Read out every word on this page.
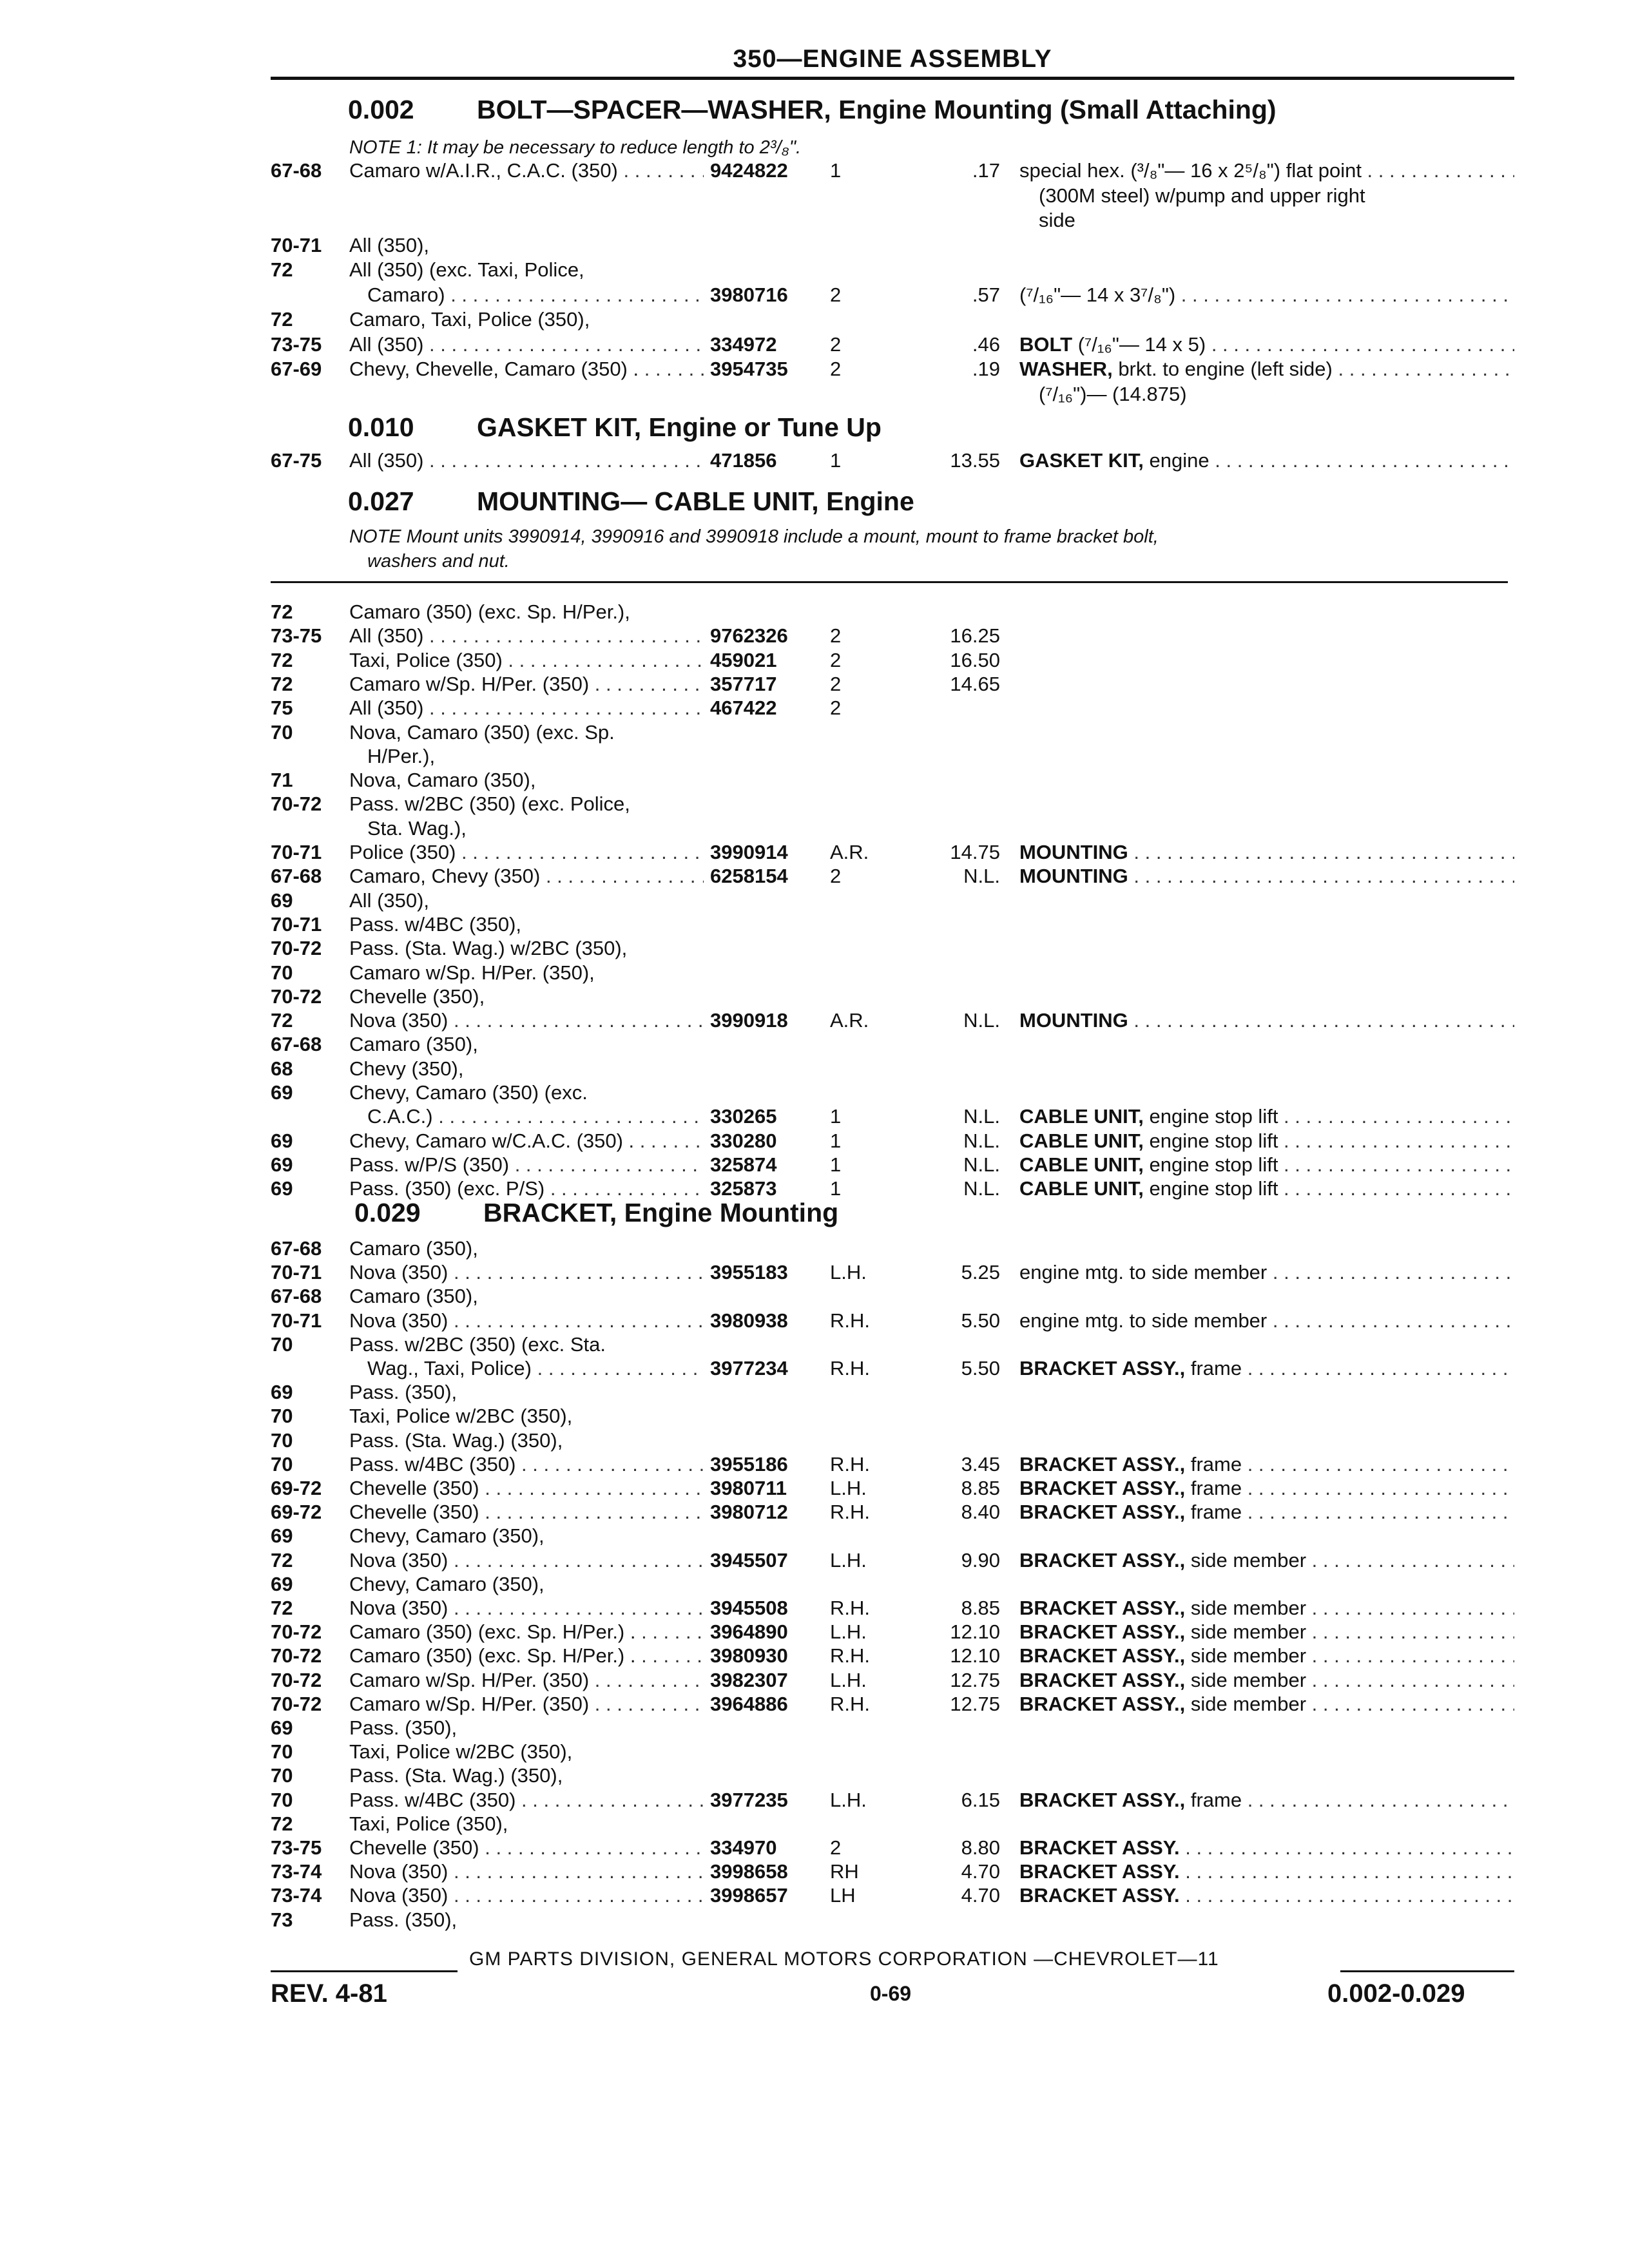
350—ENGINE ASSEMBLY
0.002 BOLT—SPACER—WASHER, Engine Mounting (Small Attaching)
NOTE 1: It may be necessary to reduce length to 2³/₈".
67-68	Camaro w/A.I.R., C.A.C. (350) . . .	9424822 1	.17 special hex. (³/₈"— 16 x 2⁵/₈") flat point . . .
(300M steel) w/pump and upper right
side
70-71	All (350),
72	All (350) (exc. Taxi, Police,
Camaro) . . .	3980716 2	.57 (⁷/₁₆"— 14 x 3⁷/₈") . . .
72	Camaro, Taxi, Police (350),
73-75	All (350) . . .	334972	2	.46 BOLT (⁷/₁₆"— 14 x 5) . . .
67-69	Chevy, Chevelle, Camaro (350) . . . .	3954735 2	.19 WASHER, brkt. to engine (left side) . . .
(⁷/₁₆")— (14.875)
0.010 GASKET KIT, Engine or Tune Up
67-75	All (350) . . .	471856	1	13.55 GASKET KIT, engine . . .
0.027 MOUNTING— CABLE UNIT, Engine
NOTE Mount units 3990914, 3990916 and 3990918 include a mount, mount to frame bracket bolt,
washers and nut.
72	Camaro (350) (exc. Sp. H/Per.),
73-75	All (350) . . .	9762326 2	16.25
72	Taxi, Police (350) . . .	459021	2	16.50
72	Camaro w/Sp. H/Per. (350) . . .	357717	2	14.65
75	All (350) . . .	467422	2
70	Nova, Camaro (350) (exc. Sp.
H/Per.),
71	Nova, Camaro (350),
70-72	Pass. w/2BC (350) (exc. Police,
Sta. Wag.),
70-71	Police (350) . . .	3990914 A.R.	14.75 MOUNTING . . .
67-68	Camaro, Chevy (350) . . .	6258154 2	N.L. MOUNTING . . .
69	All (350),
70-71	Pass. w/4BC (350),
70-72	Pass. (Sta. Wag.) w/2BC (350),
70	Camaro w/Sp. H/Per. (350),
70-72	Chevelle (350),
72	Nova (350) . . .	3990918 A.R.	N.L. MOUNTING . . .
67-68	Camaro (350),
68	Chevy (350),
69	Chevy, Camaro (350) (exc.
C.A.C.) . . .	330265	1	N.L. CABLE UNIT, engine stop lift . . .
69	Chevy, Camaro w/C.A.C. (350) . . . .	330280	1	N.L. CABLE UNIT, engine stop lift . . .
69	Pass. w/P/S (350) . . .	325874	1	N.L. CABLE UNIT, engine stop lift . . .
69	Pass. (350) (exc. P/S) . . .	325873	1	N.L. CABLE UNIT, engine stop lift . . .
0.029 BRACKET, Engine Mounting
67-68	Camaro (350),
70-71	Nova (350) . . .	3955183 L.H.	5.25 engine mtg. to side member . . .
67-68	Camaro (350),
70-71	Nova (350) . . .	3980938 R.H.	5.50 engine mtg. to side member . . .
70	Pass. w/2BC (350) (exc. Sta.
Wag., Taxi, Police) . . .	3977234 R.H.	5.50 BRACKET ASSY., frame . . .
69	Pass. (350),
70	Taxi, Police w/2BC (350),
70	Pass. (Sta. Wag.) (350),
70	Pass. w/4BC (350) . . .	3955186 R.H.	3.45 BRACKET ASSY., frame . . .
69-72	Chevelle (350) . . .	3980711 L.H.	8.85 BRACKET ASSY., frame . . .
69-72	Chevelle (350) . . .	3980712 R.H.	8.40 BRACKET ASSY., frame . . .
69	Chevy, Camaro (350),
72	Nova (350) . . .	3945507 L.H.	9.90 BRACKET ASSY., side member . . .
69	Chevy, Camaro (350),
72	Nova (350) . . .	3945508 R.H.	8.85 BRACKET ASSY., side member . . .
70-72	Camaro (350) (exc. Sp. H/Per.) . . . .	3964890 L.H.	12.10 BRACKET ASSY., side member . . .
70-72	Camaro (350) (exc. Sp. H/Per.) . . . .	3980930 R.H.	12.10 BRACKET ASSY., side member . . .
70-72	Camaro w/Sp. H/Per. (350) . . .	3982307 L.H.	12.75 BRACKET ASSY., side member . . .
70-72	Camaro w/Sp. H/Per. (350) . . .	3964886 R.H.	12.75 BRACKET ASSY., side member . . .
69	Pass. (350),
70	Taxi, Police w/2BC (350),
70	Pass. (Sta. Wag.) (350),
70	Pass. w/4BC (350) . . .	3977235 L.H.	6.15 BRACKET ASSY., frame . . .
72	Taxi, Police (350),
73-75	Chevelle (350) . . .	334970	2	8.80 BRACKET ASSY. . . .
73-74	Nova (350) . . .	3998658 RH	4.70 BRACKET ASSY. . . .
73-74	Nova (350) . . .	3998657 LH	4.70 BRACKET ASSY. . . .
73	Pass. (350),
GM PARTS DIVISION, GENERAL MOTORS CORPORATION —CHEVROLET—11
REV. 4-81	0-69	0.002-0.029
